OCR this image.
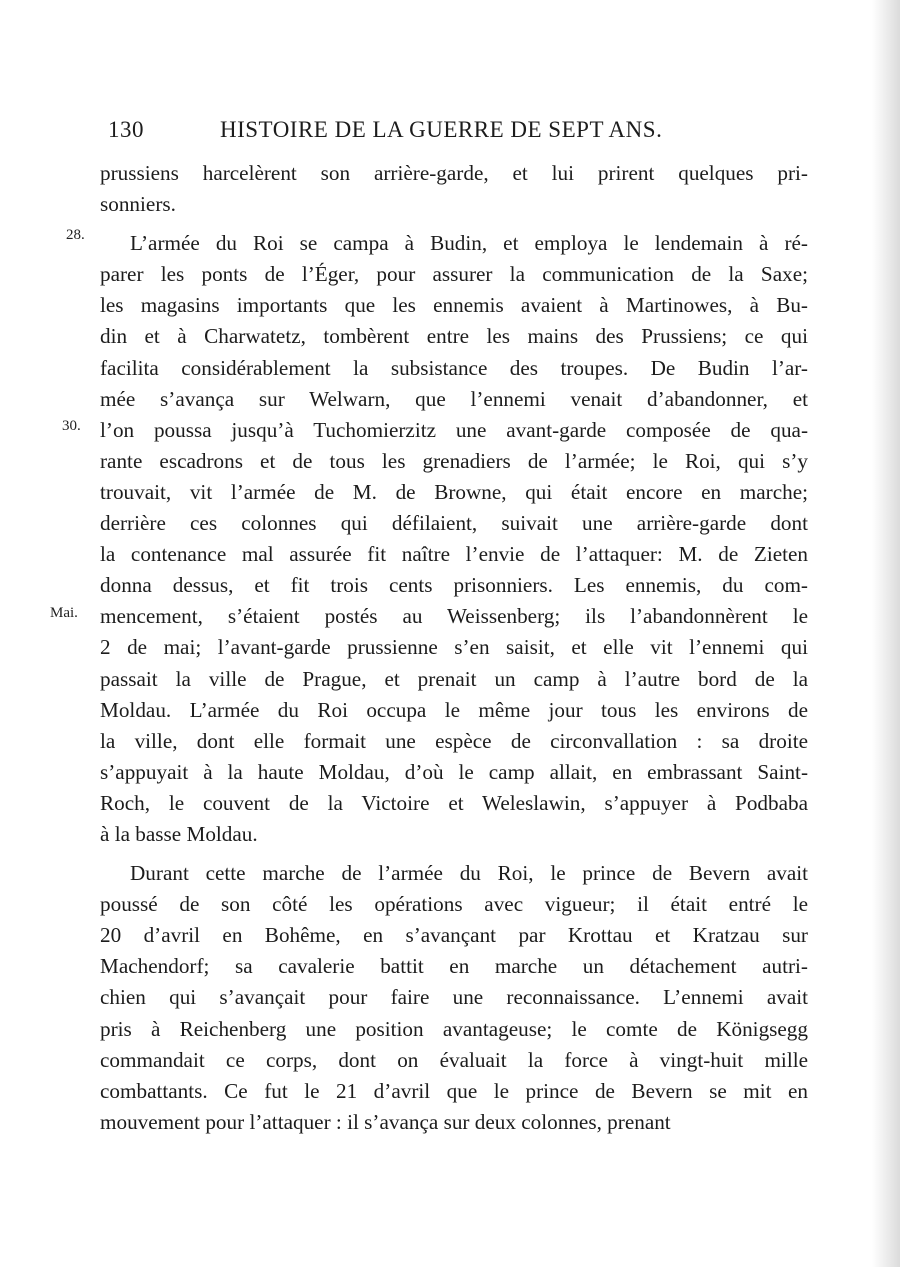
130	HISTOIRE DE LA GUERRE DE SEPT ANS.
28.
30.
Mai.
prussiens harcelèrent son arrière-garde, et lui prirent quelques pri-
sonniers.
L’armée du Roi se campa à Budin, et employa le lendemain à ré-
parer les ponts de l’Éger, pour assurer la communication de la Saxe;
les magasins importants que les ennemis avaient à Martinowes, à Bu-
din et à Charwatetz, tombèrent entre les mains des Prussiens; ce qui
facilita considérablement la subsistance des troupes. De Budin l’ar-
mée s’avança sur Welwarn, que l’ennemi venait d’abandonner, et
l’on poussa jusqu’à Tuchomierzitz une avant-garde composée de qua-
rante escadrons et de tous les grenadiers de l’armée; le Roi, qui s’y
trouvait, vit l’armée de M. de Browne, qui était encore en marche;
derrière ces colonnes qui défilaient, suivait une arrière-garde dont
la contenance mal assurée fit naître l’envie de l’attaquer: M. de Zieten
donna dessus, et fit trois cents prisonniers. Les ennemis, du com-
mencement, s’étaient postés au Weissenberg; ils l’abandonnèrent le
2 de mai; l’avant-garde prussienne s’en saisit, et elle vit l’ennemi qui
passait la ville de Prague, et prenait un camp à l’autre bord de la
Moldau. L’armée du Roi occupa le même jour tous les environs de
la ville, dont elle formait une espèce de circonvallation : sa droite
s’appuyait à la haute Moldau, d’où le camp allait, en embrassant Saint-
Roch, le couvent de la Victoire et Weleslawin, s’appuyer à Podbaba
à la basse Moldau.
Durant cette marche de l’armée du Roi, le prince de Bevern avait
poussé de son côté les opérations avec vigueur; il était entré le
20 d’avril en Bohême, en s’avançant par Krottau et Kratzau sur
Machendorf; sa cavalerie battit en marche un détachement autri-
chien qui s’avançait pour faire une reconnaissance. L’ennemi avait
pris à Reichenberg une position avantageuse; le comte de Königsegg
commandait ce corps, dont on évaluait la force à vingt-huit mille
combattants. Ce fut le 21 d’avril que le prince de Bevern se mit en
mouvement pour l’attaquer : il s’avança sur deux colonnes, prenant
